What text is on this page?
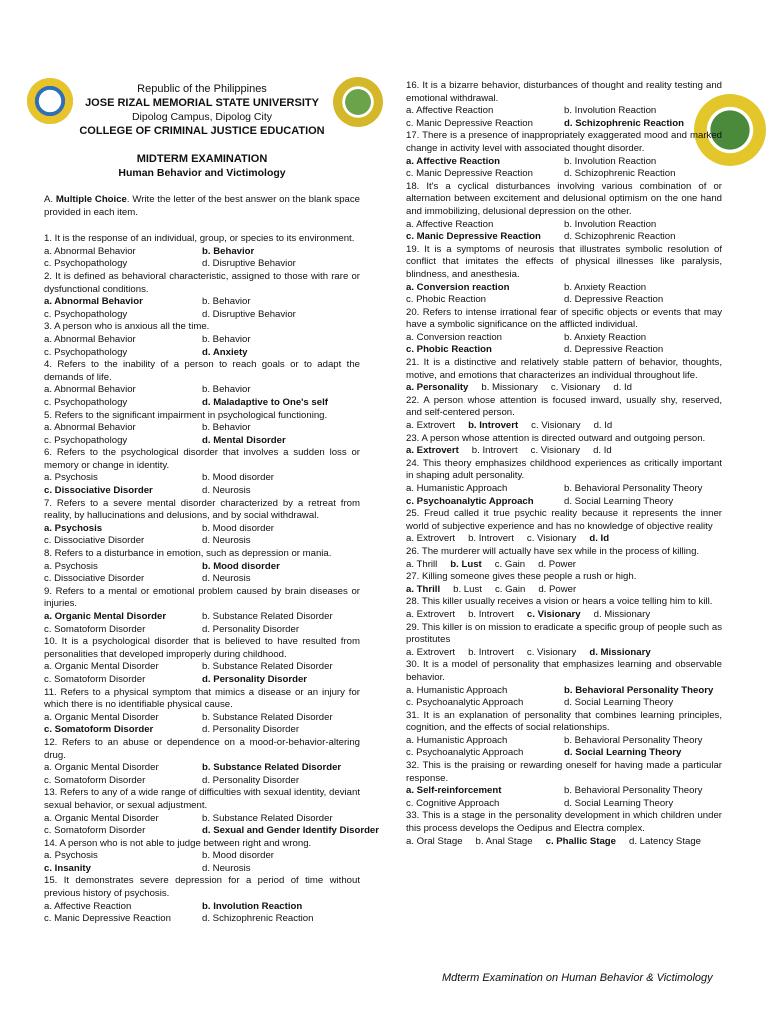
Republic of the Philippines
JOSE RIZAL MEMORIAL STATE UNIVERSITY
Dipolog Campus, Dipolog City
COLLEGE OF CRIMINAL JUSTICE EDUCATION
MIDTERM EXAMINATION
Human Behavior and Victimology
A. Multiple Choice. Write the letter of the best answer on the blank space provided in each item.
1. It is the response of an individual, group, or species to its environment.
a. Abnormal Behavior	b. Behavior
c. Psychopathology	d. Disruptive Behavior
2. It is defined as behavioral characteristic, assigned to those with rare or dysfunctional conditions.
a. Abnormal Behavior	b. Behavior
c. Psychopathology	d. Disruptive Behavior
3. A person who is anxious all the time.
a. Abnormal Behavior	b. Behavior
c. Psychopathology	d. Anxiety
4. Refers to the inability of a person to reach goals or to adapt the demands of life.
a. Abnormal Behavior	b. Behavior
c. Psychopathology	d. Maladaptive to One's self
5. Refers to the significant impairment in psychological functioning.
a. Abnormal Behavior	b. Behavior
c. Psychopathology	d. Mental Disorder
6. Refers to the psychological disorder that involves a sudden loss or memory or change in identity.
a. Psychosis	b. Mood disorder
c. Dissociative Disorder	d. Neurosis
7. Refers to a severe mental disorder characterized by a retreat from reality, by hallucinations and delusions, and by social withdrawal.
a. Psychosis	b. Mood disorder
c. Dissociative Disorder	d. Neurosis
8. Refers to a disturbance in emotion, such as depression or mania.
a. Psychosis	b. Mood disorder
c. Dissociative Disorder	d. Neurosis
9. Refers to a mental or emotional problem caused by brain diseases or injuries.
a. Organic Mental Disorder	b. Substance Related Disorder
c. Somatoform Disorder	d. Personality Disorder
10. It is a psychological disorder that is believed to have resulted from personalities that developed improperly during childhood.
a. Organic Mental Disorder	b. Substance Related Disorder
c. Somatoform Disorder	d. Personality Disorder
11. Refers to a physical symptom that mimics a disease or an injury for which there is no identifiable physical cause.
a. Organic Mental Disorder	b. Substance Related Disorder
c. Somatoform Disorder	d. Personality Disorder
12. Refers to an abuse or dependence on a mood-or-behavior-altering drug.
a. Organic Mental Disorder	b. Substance Related Disorder
c. Somatoform Disorder	d. Personality Disorder
13. Refers to any of a wide range of difficulties with sexual identity, deviant sexual behavior, or sexual adjustment.
a. Organic Mental Disorder	b. Substance Related Disorder
c. Somatoform Disorder	d. Sexual and Gender Identify Disorder
14. A person who is not able to judge between right and wrong.
a. Psychosis	b. Mood disorder
c. Insanity	d. Neurosis
15. It demonstrates severe depression for a period of time without previous history of psychosis.
a. Affective Reaction	b. Involution Reaction
c. Manic Depressive Reaction	d. Schizophrenic Reaction
16. It is a bizarre behavior, disturbances of thought and reality testing and emotional withdrawal.
a. Affective Reaction	b. Involution Reaction
c. Manic Depressive Reaction	d. Schizophrenic Reaction
17. There is a presence of inappropriately exaggerated mood and marked change in activity level with associated thought disorder.
a. Affective Reaction	b. Involution Reaction
c. Manic Depressive Reaction	d. Schizophrenic Reaction
18. It's a cyclical disturbances involving various combination of or alternation between excitement and delusional optimism on the one hand and immobilizing, delusional depression on the other.
a. Affective Reaction	b. Involution Reaction
c. Manic Depressive Reaction	d. Schizophrenic Reaction
19. It is a symptoms of neurosis that illustrates symbolic resolution of conflict that imitates the effects of physical illnesses like paralysis, blindness, and anesthesia.
a. Conversion reaction	b. Anxiety Reaction
c. Phobic Reaction	d. Depressive Reaction
20. Refers to intense irrational fear of specific objects or events that may have a symbolic significance on the afflicted individual.
a. Conversion reaction	b. Anxiety Reaction
c. Phobic Reaction	d. Depressive Reaction
21. It is a distinctive and relatively stable pattern of behavior, thoughts, motive, and emotions that characterizes an individual throughout life.
a. Personality b. Missionary c. Visionary d. Id
22. A person whose attention is focused inward, usually shy, reserved, and self-centered person.
a. Extrovert b. Introvert c. Visionary d. Id
23. A person whose attention is directed outward and outgoing person.
a. Extrovert b. Introvert c. Visionary d. Id
24. This theory emphasizes childhood experiences as critically important in shaping adult personality.
a. Humanistic Approach	b. Behavioral Personality Theory
c. Psychoanalytic Approach	d. Social Learning Theory
25. Freud called it true psychic reality because it represents the inner world of subjective experience and has no knowledge of objective reality
a. Extrovert b. Introvert c. Visionary d. Id
26. The murderer will actually have sex while in the process of killing.
a. Thrill b. Lust c. Gain d. Power
27. Killing someone gives these people a rush or high.
a. Thrill b. Lust c. Gain d. Power
28. This killer usually receives a vision or hears a voice telling him to kill.
a. Extrovert b. Introvert c. Visionary d. Missionary
29. This killer is on mission to eradicate a specific group of people such as prostitutes
a. Extrovert b. Introvert c. Visionary d. Missionary
30. It is a model of personality that emphasizes learning and observable behavior.
a. Humanistic Approach	b. Behavioral Personality Theory
c. Psychoanalytic Approach	d. Social Learning Theory
31. It is an explanation of personality that combines learning principles, cognition, and the effects of social relationships.
a. Humanistic Approach	b. Behavioral Personality Theory
c. Psychoanalytic Approach	d. Social Learning Theory
32. This is the praising or rewarding oneself for having made a particular response.
a. Self-reinforcement	b. Behavioral Personality Theory
c. Cognitive Approach	d. Social Learning Theory
33. This is a stage in the personality development in which children under this process develops the Oedipus and Electra complex.
a. Oral Stage b. Anal Stage c. Phallic Stage d. Latency Stage
Mdterm Examination on Human Behavior & Victimology
